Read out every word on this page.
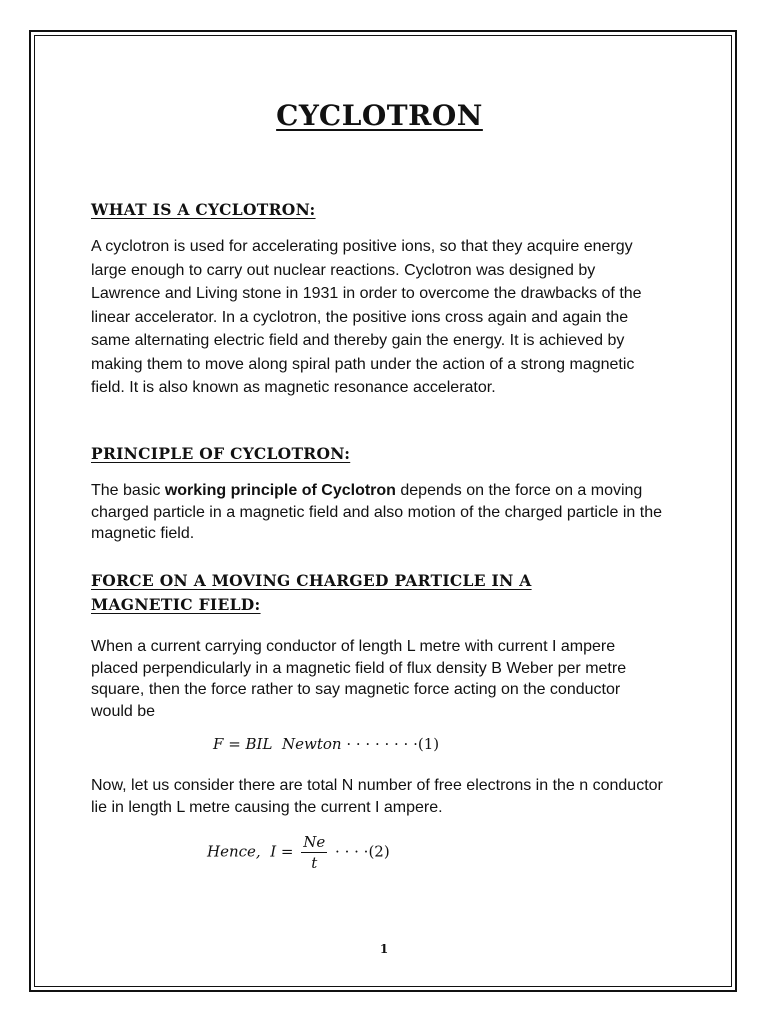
CYCLOTRON
WHAT IS A CYCLOTRON:

A cyclotron is used for accelerating positive ions, so that they acquire energy large enough to carry out nuclear reactions. Cyclotron was designed by Lawrence and Living stone in 1931 in order to overcome the drawbacks of the linear accelerator. In a cyclotron, the positive ions cross again and again the same alternating electric field and thereby gain the energy. It is achieved by making them to move along spiral path under the action of a strong magnetic field. It is also known as magnetic resonance accelerator.

PRINCIPLE OF CYCLOTRON:

The basic working principle of Cyclotron depends on the force on a moving charged particle in a magnetic field and also motion of the charged particle in the magnetic field.

FORCE ON A MOVING CHARGED PARTICLE IN A MAGNETIC FIELD:

When a current carrying conductor of length L metre with current I ampere placed perpendicularly in a magnetic field of flux density B Weber per metre square, then the force rather to say magnetic force acting on the conductor would be

F = BIL Newton · · · · · · · ·(1)

Now, let us consider there are total N number of free electrons in the n conductor lie in length L metre causing the current I ampere.

Hence, $I = \frac{Ne}{t}$ · · · ·(2)

1
